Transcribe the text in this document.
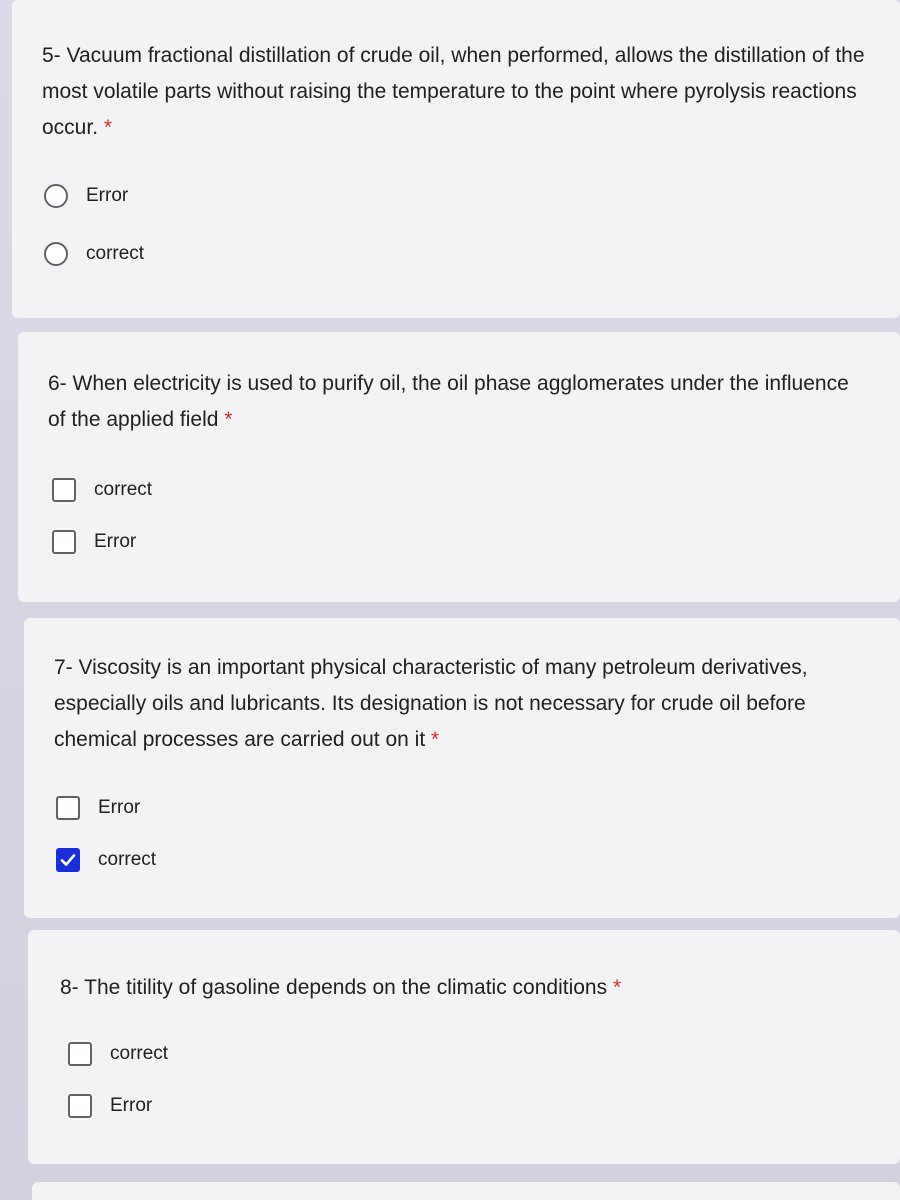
5- Vacuum fractional distillation of crude oil, when performed, allows the distillation of the most volatile parts without raising the temperature to the point where pyrolysis reactions occur. *
Error
correct
6- When electricity is used to purify oil, the oil phase agglomerates under the influence of the applied field *
correct
Error
7- Viscosity is an important physical characteristic of many petroleum derivatives, especially oils and lubricants. Its designation is not necessary for crude oil before chemical processes are carried out on it *
Error
correct
8- The titility of gasoline depends on the climatic conditions *
correct
Error
